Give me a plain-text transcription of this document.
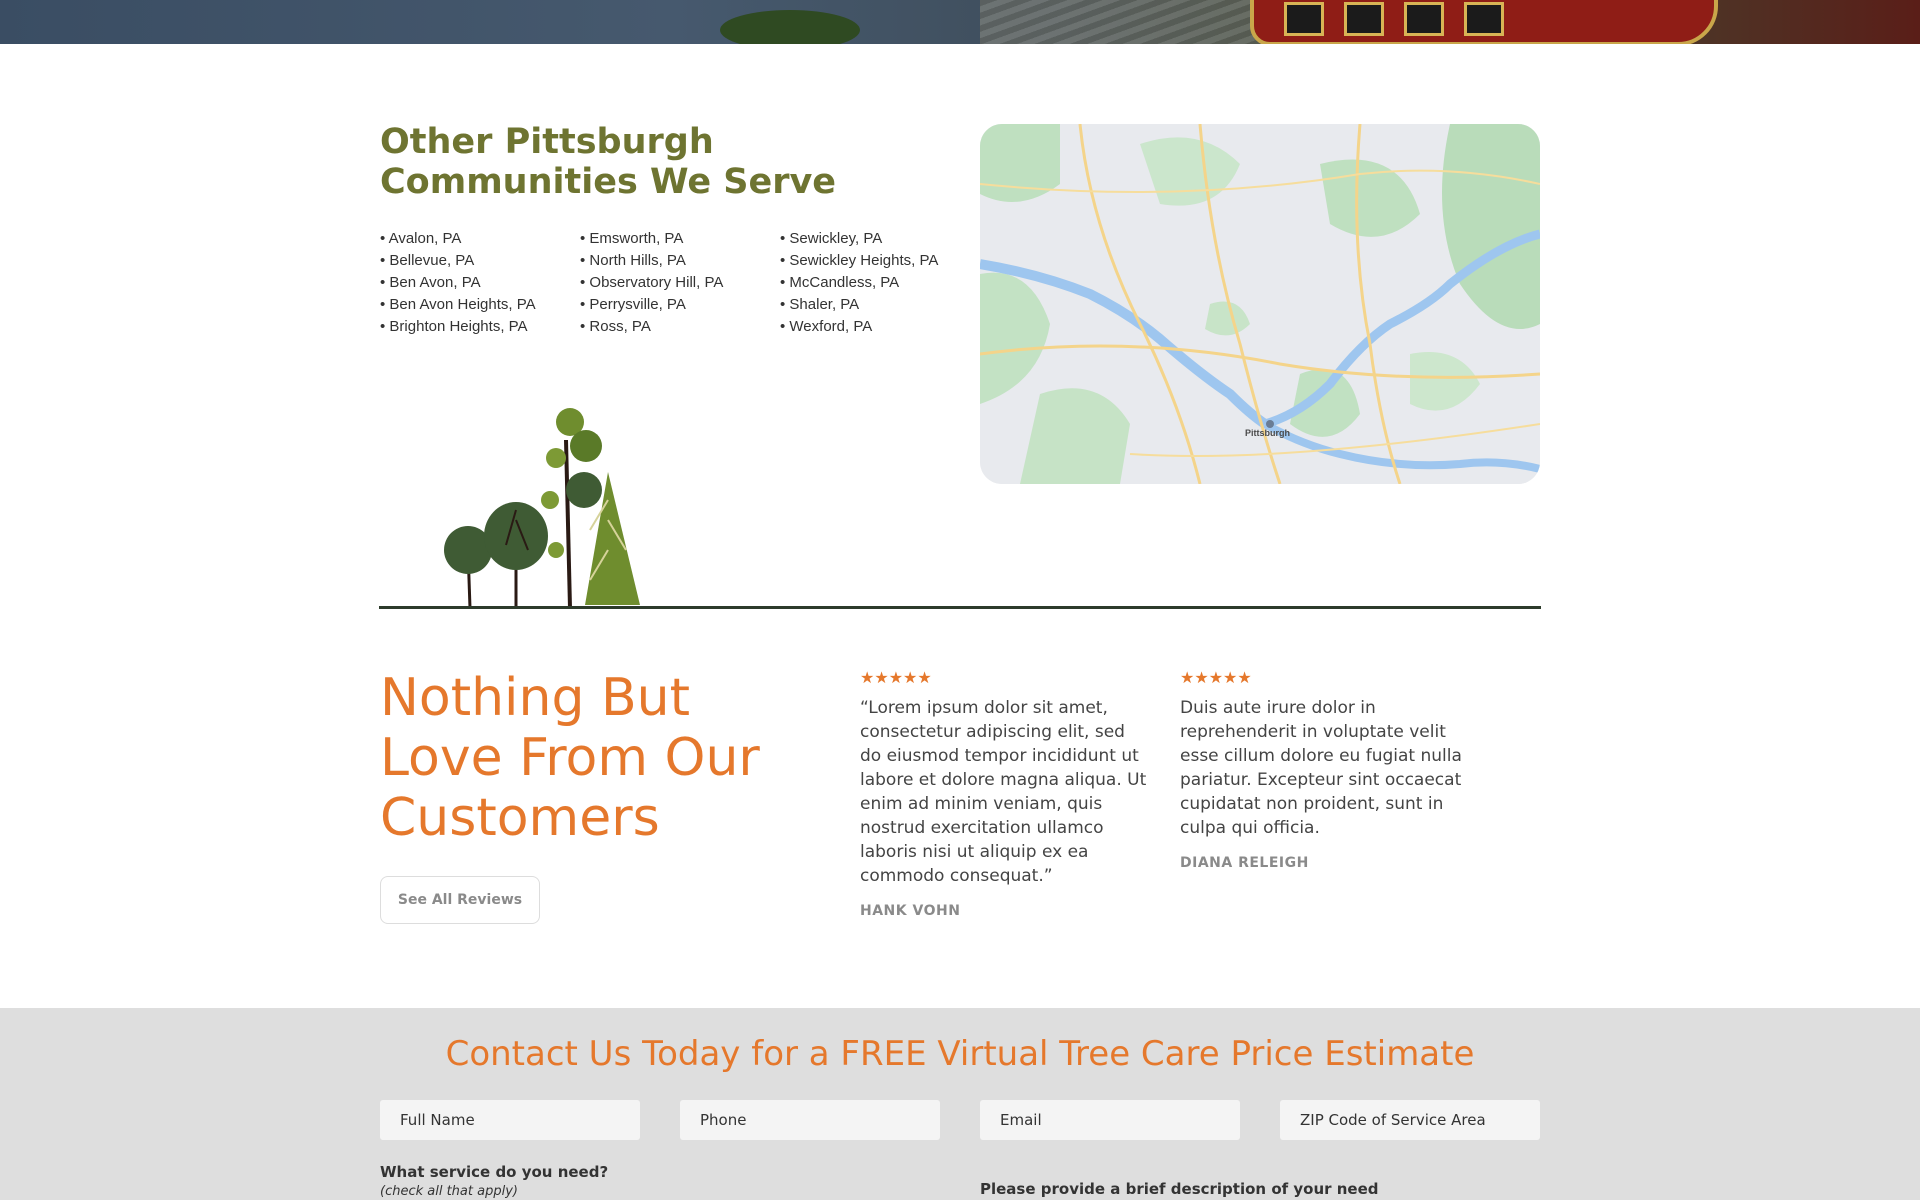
Other Pittsburgh Communities We Serve
• Avalon, PA
• Bellevue, PA
• Ben Avon, PA
• Ben Avon Heights, PA
• Brighton Heights, PA
• Emsworth, PA
• North Hills, PA
• Observatory Hill, PA
• Perrysville, PA
• Ross, PA
• Sewickley, PA
• Sewickley Heights, PA
• McCandless, PA
• Shaler, PA
• Wexford, PA
Pittsburgh
Nothing But Love From Our Customers
See All Reviews
★★★★★
“Lorem ipsum dolor sit amet, consectetur adipiscing elit, sed do eiusmod tempor incididunt ut labore et dolore magna aliqua. Ut enim ad minim veniam, quis nostrud exercitation ullamco laboris nisi ut aliquip ex ea commodo consequat.”
HANK VOHN
★★★★★
Duis aute irure dolor in reprehenderit in voluptate velit esse cillum dolore eu fugiat nulla pariatur. Excepteur sint occaecat cupidatat non proident, sunt in culpa qui officia.
DIANA RELEIGH
Contact Us Today for a FREE Virtual Tree Care Price Estimate
Full Name
Phone
Email
ZIP Code of Service Area
What service do you need?
(check all that apply)	Please provide a brief description of your need
